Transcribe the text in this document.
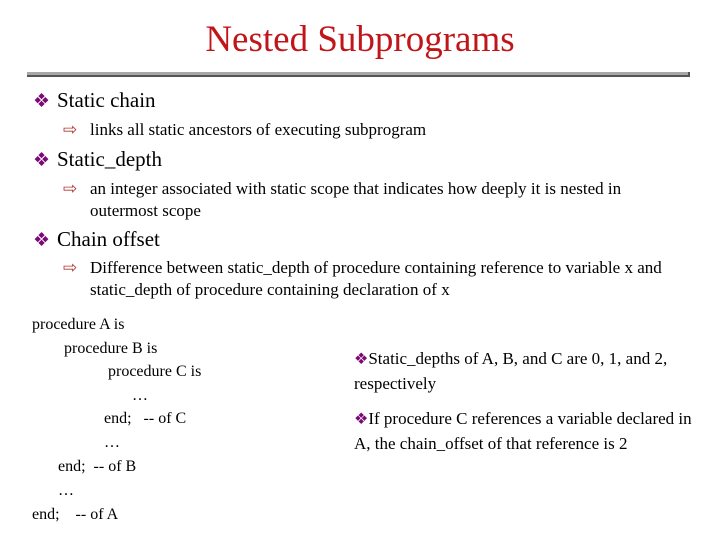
Nested Subprograms
❖ Static chain
⇨ links all static ancestors of executing subprogram
❖ Static_depth
⇨ an integer associated with static scope that indicates how deeply it is nested in outermost scope
❖ Chain offset
⇨ Difference between static_depth of procedure containing reference to variable x and static_depth of procedure containing declaration of x
procedure A is
procedure B is
procedure C is
…
end;   -- of C
…
end;  -- of B
…
end;    -- of A
❖Static_depths of A, B, and C are 0, 1, and 2, respectively
❖If procedure C references a variable declared in A, the chain_offset of that reference is 2
